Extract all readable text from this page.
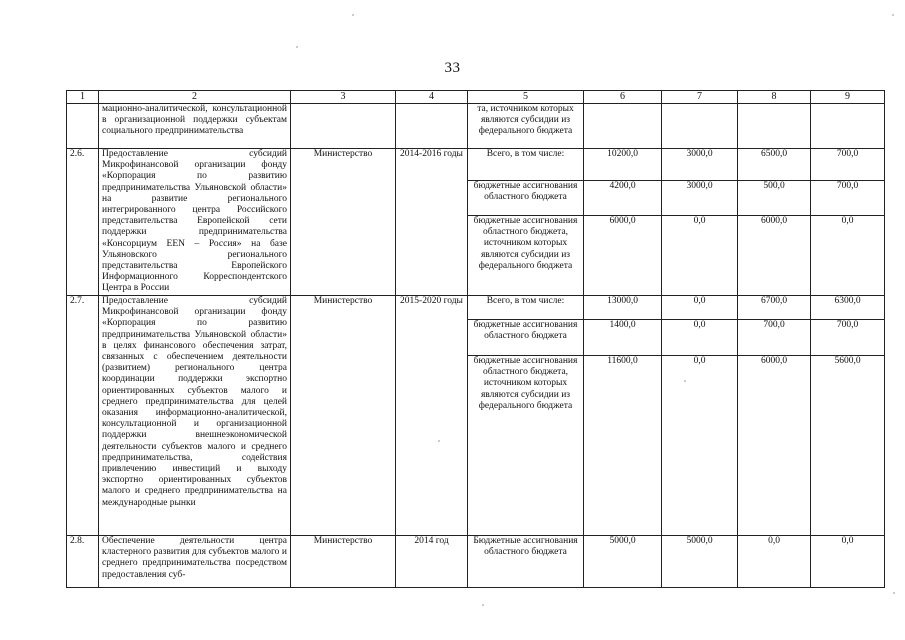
33
1	2	3	4	5	6	7	8	9
	мационно-аналитической, консультационной в организационной поддержки субъектам социального предпринимательства			та, источником которых являются субсидии из федерального бюджета				
2.6.	Предоставление субсидий Микрофинансовой организации фонду «Корпорация по развитию предпринимательства Ульяновской области» на развитие регионального интегрированного центра Российского представительства Европейской сети поддержки предпринимательства «Консорциум EEN – Россия» на базе Ульяновского регионального представительства Европейского Информационного Корреспондентского Центра в России	Министерство	2014-2016 годы	Всего, в том числе:	10200,0	3000,0	6500,0	700,0
				бюджетные ассигнования областного бюджета	4200,0	3000,0	500,0	700,0
				бюджетные ассигнования областного бюджета, источником которых являются субсидии из федерального бюджета	6000,0	0,0	6000,0	0,0
2.7.	Предоставление субсидий Микрофинансовой организации фонду «Корпорация по развитию предпринимательства Ульяновской области» в целях финансового обеспечения затрат, связанных с обеспечением деятельности (развитием) регионального центра координации поддержки экспортно ориентированных субъектов малого и среднего предпринимательства для целей оказания информационно-аналитической, консультационной и организационной поддержки внешнеэкономической деятельности субъектов малого и среднего предпринимательства, содействия привлечению инвестиций и выходу экспортно ориентированных субъектов малого и среднего предпринимательства на международные рынки	Министерство	2015-2020 годы	Всего, в том числе:	13000,0	0,0	6700,0	6300,0
				бюджетные ассигнования областного бюджета	1400,0	0,0	700,0	700,0
				бюджетные ассигнования областного бюджета, источником которых являются субсидии из федерального бюджета	11600,0	0,0	6000,0	5600,0
2.8.	Обеспечение деятельности центра кластерного развития для субъектов малого и среднего предпринимательства посредством предоставления суб-	Министерство	2014 год	Бюджетные ассигнования областного бюджета	5000,0	5000,0	0,0	0,0
